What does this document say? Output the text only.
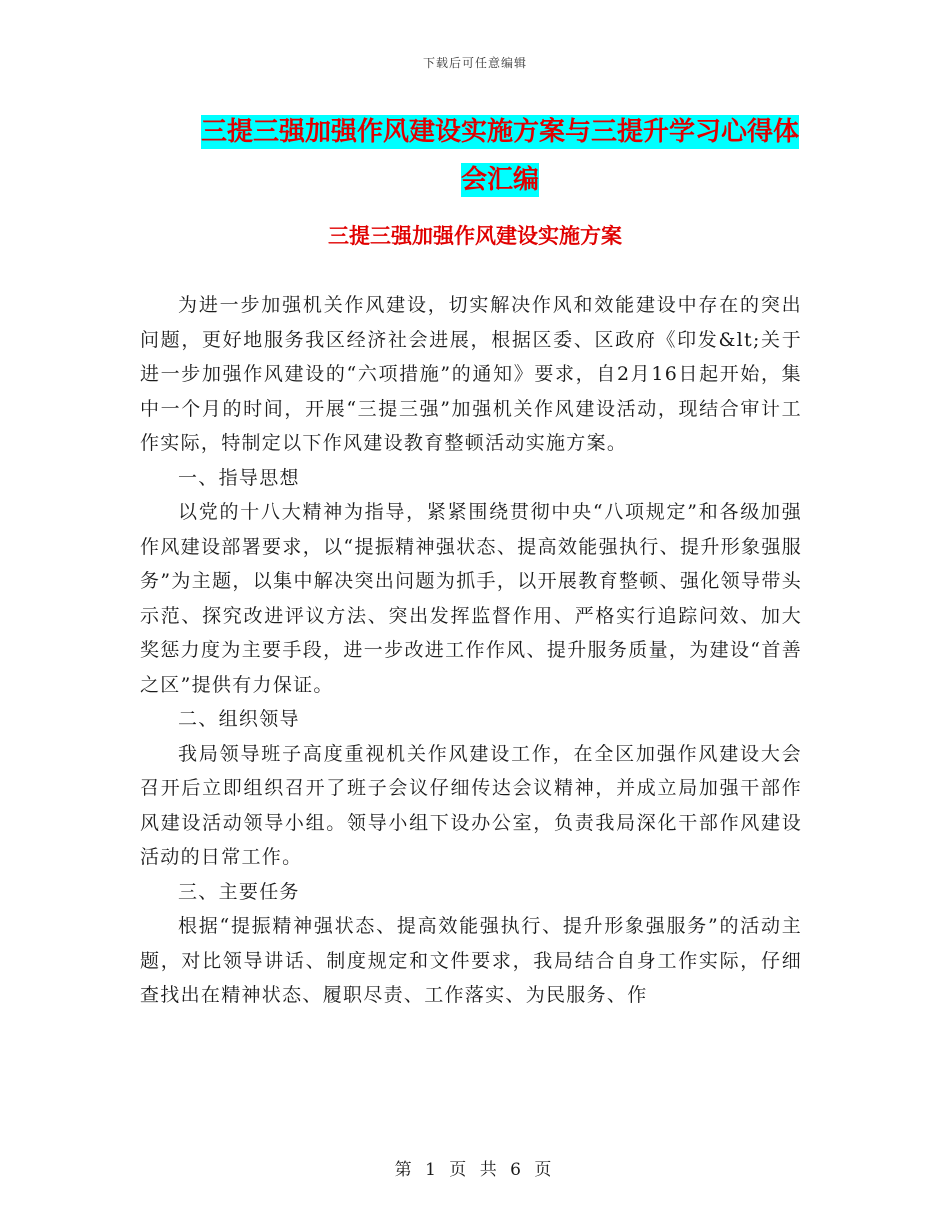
下载后可任意编辑
三提三强加强作风建设实施方案与三提升学习心得体
会汇编
三提三强加强作风建设实施方案

为进一步加强机关作风建设，切实解决作风和效能建设中存在的突出问题，更好地服务我区经济社会进展，根据区委、区政府《印发&lt;关于进一步加强作风建设的“六项措施”的通知》要求，自2月16日起开始，集中一个月的时间，开展“三提三强”加强机关作风建设活动，现结合审计工作实际，特制定以下作风建设教育整顿活动实施方案。

一、指导思想

以党的十八大精神为指导，紧紧围绕贯彻中央“八项规定”和各级加强作风建设部署要求，以“提振精神强状态、提高效能强执行、提升形象强服务”为主题，以集中解决突出问题为抓手，以开展教育整顿、强化领导带头示范、探究改进评议方法、突出发挥监督作用、严格实行追踪问效、加大奖惩力度为主要手段，进一步改进工作作风、提升服务质量，为建设“首善之区”提供有力保证。

二、组织领导

我局领导班子高度重视机关作风建设工作，在全区加强作风建设大会召开后立即组织召开了班子会议仔细传达会议精神，并成立局加强干部作风建设活动领导小组。领导小组下设办公室，负责我局深化干部作风建设活动的日常工作。

三、主要任务

根据“提振精神强状态、提高效能强执行、提升形象强服务”的活动主题，对比领导讲话、制度规定和文件要求，我局结合自身工作实际，仔细查找出在精神状态、履职尽责、工作落实、为民服务、作

第 1 页 共 6 页
